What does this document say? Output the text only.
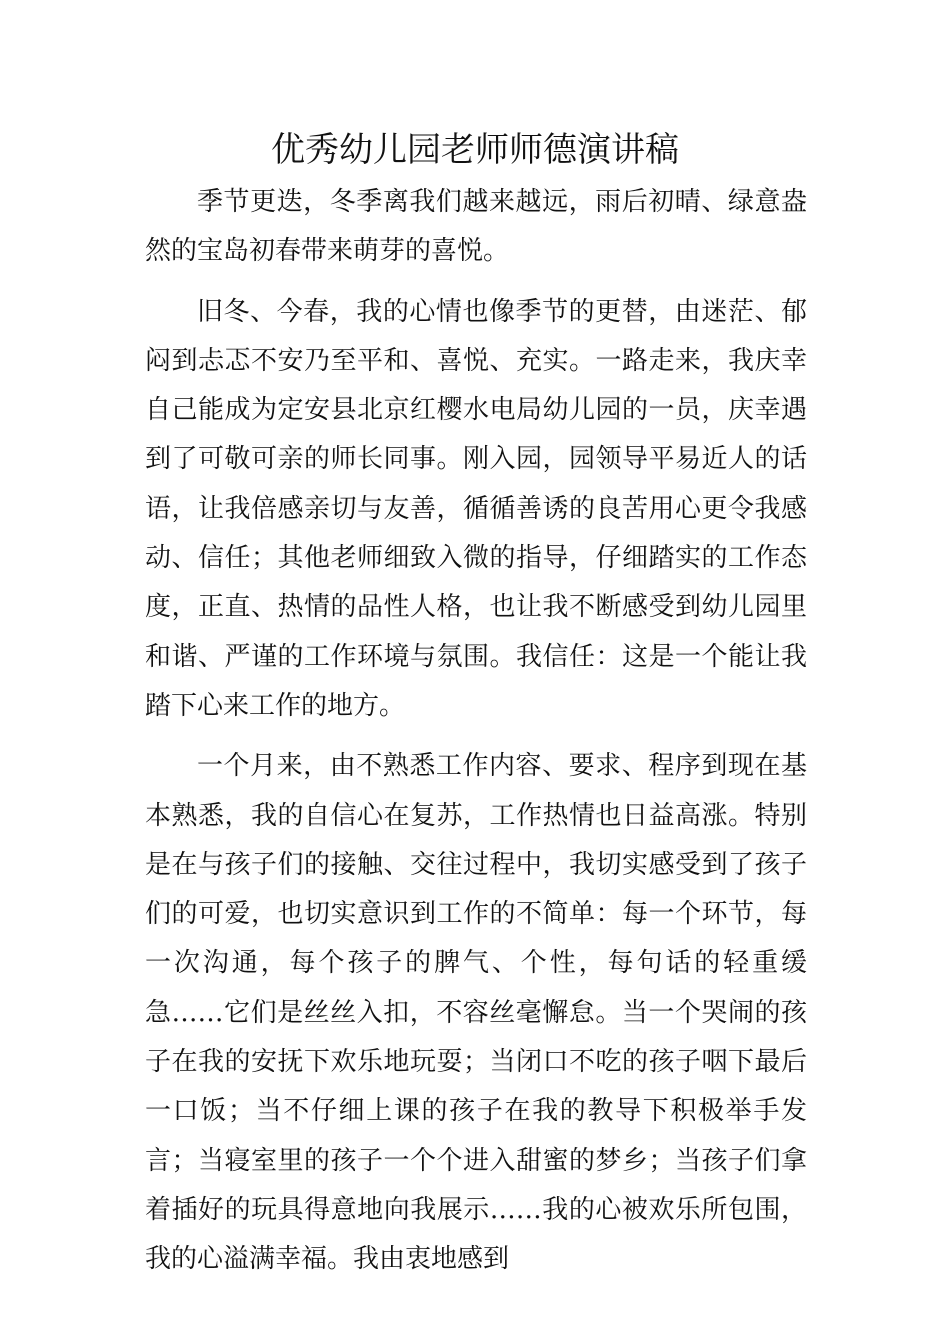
优秀幼儿园老师师德演讲稿

季节更迭，冬季离我们越来越远，雨后初晴、绿意盎然的宝岛初春带来萌芽的喜悦。

旧冬、今春，我的心情也像季节的更替，由迷茫、郁闷到忐忑不安乃至平和、喜悦、充实。一路走来，我庆幸自己能成为定安县北京红樱水电局幼儿园的一员，庆幸遇到了可敬可亲的师长同事。刚入园，园领导平易近人的话语，让我倍感亲切与友善，循循善诱的良苦用心更令我感动、信任；其他老师细致入微的指导，仔细踏实的工作态度，正直、热情的品性人格，也让我不断感受到幼儿园里和谐、严谨的工作环境与氛围。我信任：这是一个能让我踏下心来工作的地方。

一个月来，由不熟悉工作内容、要求、程序到现在基本熟悉，我的自信心在复苏，工作热情也日益高涨。特别是在与孩子们的接触、交往过程中，我切实感受到了孩子们的可爱，也切实意识到工作的不简单：每一个环节，每一次沟通，每个孩子的脾气、个性，每句话的轻重缓急……它们是丝丝入扣，不容丝毫懈怠。当一个哭闹的孩子在我的安抚下欢乐地玩耍；当闭口不吃的孩子咽下最后一口饭；当不仔细上课的孩子在我的教导下积极举手发言；当寝室里的孩子一个个进入甜蜜的梦乡；当孩子们拿着插好的玩具得意地向我展示……我的心被欢乐所包围，我的心溢满幸福。我由衷地感到
